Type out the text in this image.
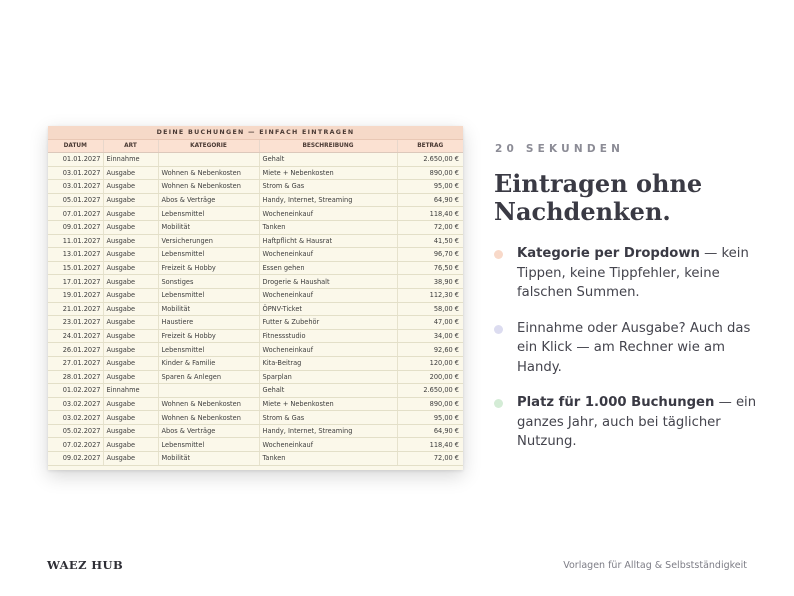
DEINE BUCHUNGEN — EINFACH EINTRAGEN
DATUM	ART	KATEGORIE	BESCHREIBUNG	BETRAG
01.01.2027	Einnahme		Gehalt	2.650,00 €
03.01.2027	Ausgabe	Wohnen & Nebenkosten	Miete + Nebenkosten	890,00 €
03.01.2027	Ausgabe	Wohnen & Nebenkosten	Strom & Gas	95,00 €
05.01.2027	Ausgabe	Abos & Verträge	Handy, Internet, Streaming	64,90 €
07.01.2027	Ausgabe	Lebensmittel	Wocheneinkauf	118,40 €
09.01.2027	Ausgabe	Mobilität	Tanken	72,00 €
11.01.2027	Ausgabe	Versicherungen	Haftpflicht & Hausrat	41,50 €
13.01.2027	Ausgabe	Lebensmittel	Wocheneinkauf	96,70 €
15.01.2027	Ausgabe	Freizeit & Hobby	Essen gehen	76,50 €
17.01.2027	Ausgabe	Sonstiges	Drogerie & Haushalt	38,90 €
19.01.2027	Ausgabe	Lebensmittel	Wocheneinkauf	112,30 €
21.01.2027	Ausgabe	Mobilität	ÖPNV-Ticket	58,00 €
23.01.2027	Ausgabe	Haustiere	Futter & Zubehör	47,00 €
24.01.2027	Ausgabe	Freizeit & Hobby	Fitnessstudio	34,00 €
26.01.2027	Ausgabe	Lebensmittel	Wocheneinkauf	92,60 €
27.01.2027	Ausgabe	Kinder & Familie	Kita-Beitrag	120,00 €
28.01.2027	Ausgabe	Sparen & Anlegen	Sparplan	200,00 €
01.02.2027	Einnahme		Gehalt	2.650,00 €
03.02.2027	Ausgabe	Wohnen & Nebenkosten	Miete + Nebenkosten	890,00 €
03.02.2027	Ausgabe	Wohnen & Nebenkosten	Strom & Gas	95,00 €
05.02.2027	Ausgabe	Abos & Verträge	Handy, Internet, Streaming	64,90 €
07.02.2027	Ausgabe	Lebensmittel	Wocheneinkauf	118,40 €
09.02.2027	Ausgabe	Mobilität	Tanken	72,00 €
20 SEKUNDEN
Eintragen ohne Nachdenken.
Kategorie per Dropdown — kein Tippen, keine Tippfehler, keine falschen Summen.
Einnahme oder Ausgabe? Auch das ein Klick — am Rechner wie am Handy.
Platz für 1.000 Buchungen — ein ganzes Jahr, auch bei täglicher Nutzung.
WAEZ HUB	Vorlagen für Alltag & Selbstständigkeit
